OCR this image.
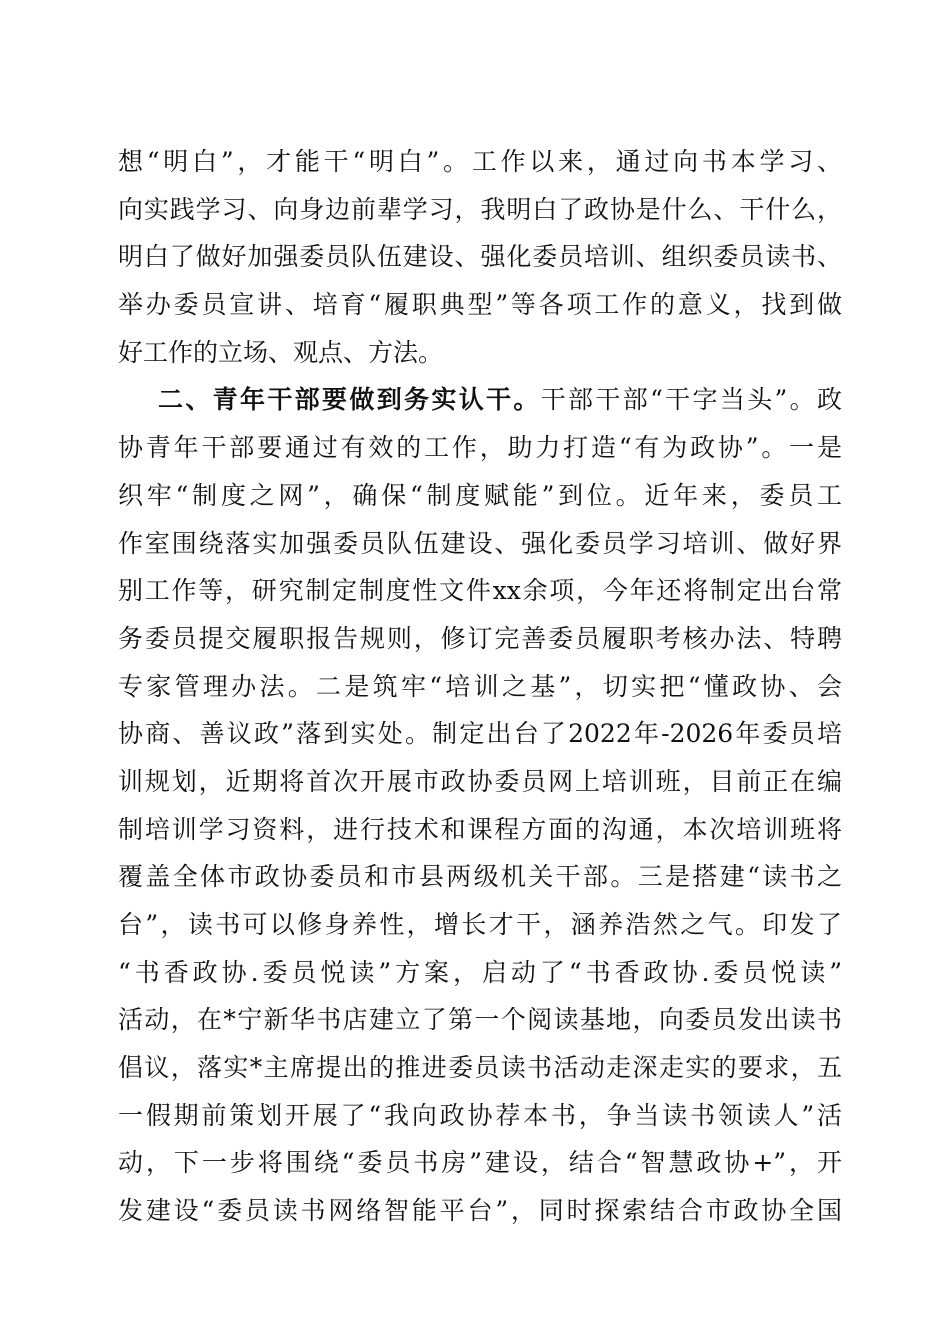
想“明白”，才能干“明白”。工作以来，通过向书本学习、
向实践学习、向身边前辈学习，我明白了政协是什么、干什么，
明白了做好加强委员队伍建设、强化委员培训、组织委员读书、
举办委员宣讲、培育“履职典型”等各项工作的意义，找到做
好工作的立场、观点、方法。
二、青年干部要做到务实认干。干部干部“干字当头”。政
协青年干部要通过有效的工作，助力打造“有为政协”。一是
织牢“制度之网”，确保“制度赋能”到位。近年来，委员工
作室围绕落实加强委员队伍建设、强化委员学习培训、做好界
别工作等，研究制定制度性文件xx余项，今年还将制定出台常
务委员提交履职报告规则，修订完善委员履职考核办法、特聘
专家管理办法。二是筑牢“培训之基”，切实把“懂政协、会
协商、善议政”落到实处。制定出台了2022年-2026年委员培
训规划，近期将首次开展市政协委员网上培训班，目前正在编
制培训学习资料，进行技术和课程方面的沟通，本次培训班将
覆盖全体市政协委员和市县两级机关干部。三是搭建“读书之
台”，读书可以修身养性，增长才干，涵养浩然之气。印发了
“书香政协.委员悦读”方案，启动了“书香政协.委员悦读”
活动，在*宁新华书店建立了第一个阅读基地，向委员发出读书
倡议，落实*主席提出的推进委员读书活动走深走实的要求，五
一假期前策划开展了“我向政协荐本书，争当读书领读人”活
动，下一步将围绕“委员书房”建设，结合“智慧政协+”，开
发建设“委员读书网络智能平台”，同时探索结合市政协全国
